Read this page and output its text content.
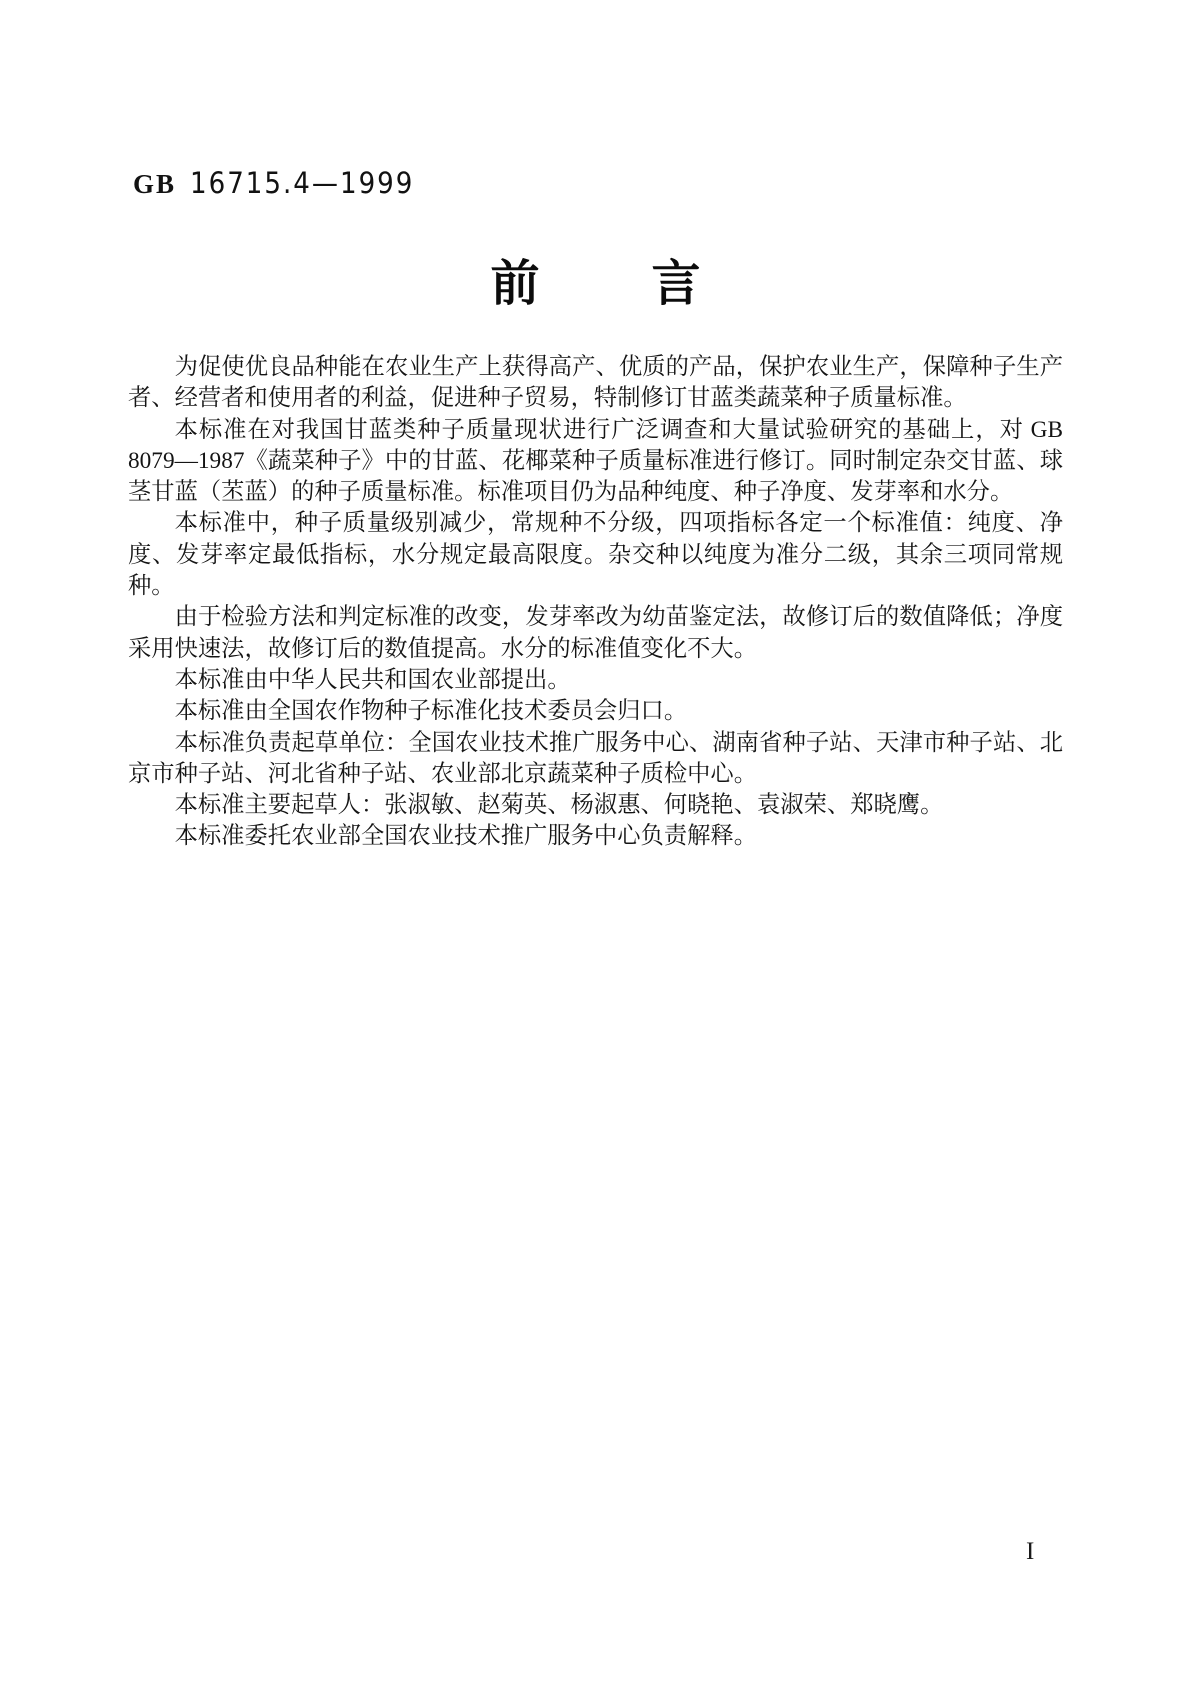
GB 16715.4—1999
前 言

为促使优良品种能在农业生产上获得高产、优质的产品，保护农业生产，保障种子生产者、经营者和使用者的利益，促进种子贸易，特制修订甘蓝类蔬菜种子质量标准。

本标准在对我国甘蓝类种子质量现状进行广泛调查和大量试验研究的基础上，对 GB 8079—1987《蔬菜种子》中的甘蓝、花椰菜种子质量标准进行修订。同时制定杂交甘蓝、球茎甘蓝（苤蓝）的种子质量标准。标准项目仍为品种纯度、种子净度、发芽率和水分。

本标准中，种子质量级别减少，常规种不分级，四项指标各定一个标准值：纯度、净度、发芽率定最低指标，水分规定最高限度。杂交种以纯度为准分二级，其余三项同常规种。

由于检验方法和判定标准的改变，发芽率改为幼苗鉴定法，故修订后的数值降低；净度采用快速法，故修订后的数值提高。水分的标准值变化不大。

本标准由中华人民共和国农业部提出。

本标准由全国农作物种子标准化技术委员会归口。

本标准负责起草单位：全国农业技术推广服务中心、湖南省种子站、天津市种子站、北京市种子站、河北省种子站、农业部北京蔬菜种子质检中心。

本标准主要起草人：张淑敏、赵菊英、杨淑惠、何晓艳、袁淑荣、郑晓鹰。

本标准委托农业部全国农业技术推广服务中心负责解释。

I
